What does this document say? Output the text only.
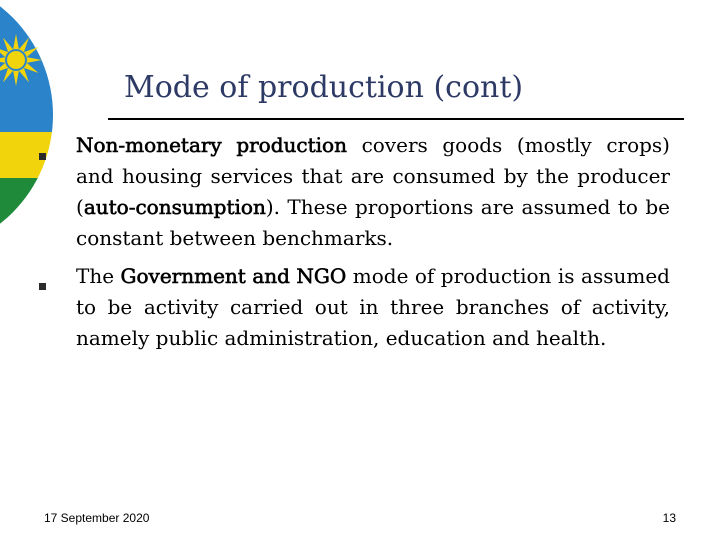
Mode of production (cont)
Non-monetary production covers goods (mostly crops) and housing services that are consumed by the producer (auto-consumption). These proportions are assumed to be constant between benchmarks.
The Government and NGO mode of production is assumed to be activity carried out in three branches of activity, namely public administration, education and health.
17 September 2020	13
